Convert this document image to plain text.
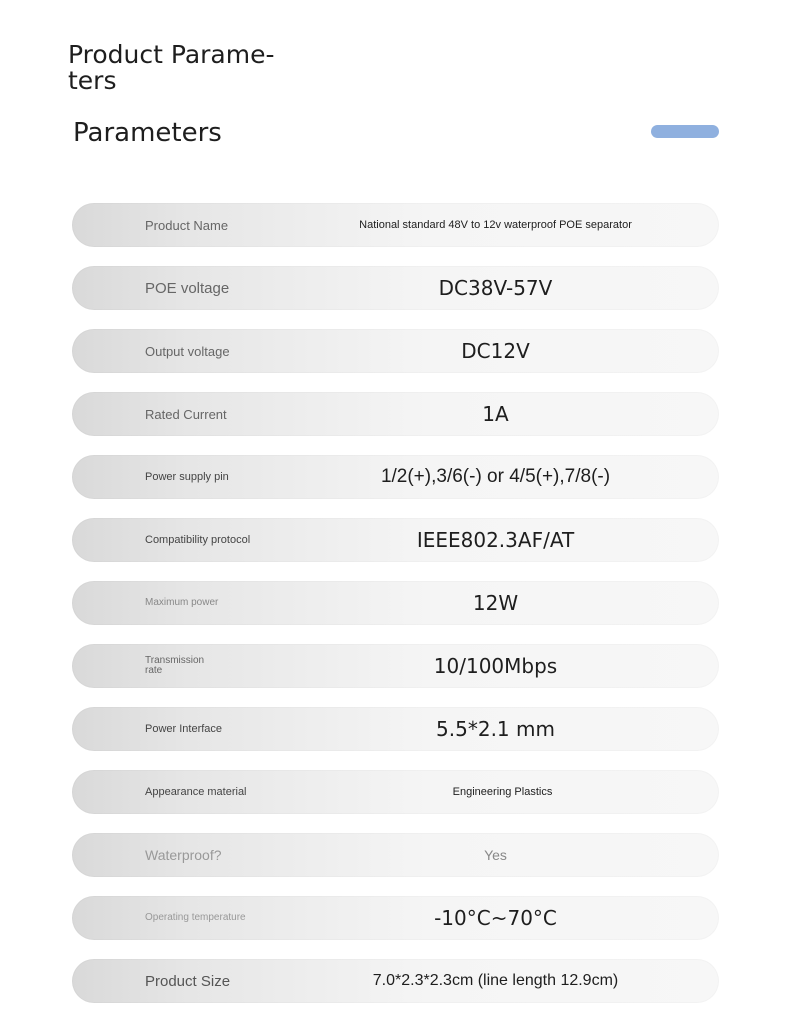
Product Parame-ters
Parameters
Product Name	National standard 48V to 12v waterproof POE separator
POE voltage	DC38V-57V
Output voltage	DC12V
Rated Current	1A
Power supply pin	1/2(+),3/6(-) or 4/5(+),7/8(-)
Compatibility protocol	IEEE802.3AF/AT
Maximum power	12W
Transmission rate	10/100Mbps
Power Interface	5.5*2.1 mm
Appearance material	Engineering Plastics
Waterproof?	Yes
Operating temperature	-10°C~70°C
Product Size	7.0*2.3*2.3cm (line length 12.9cm)
